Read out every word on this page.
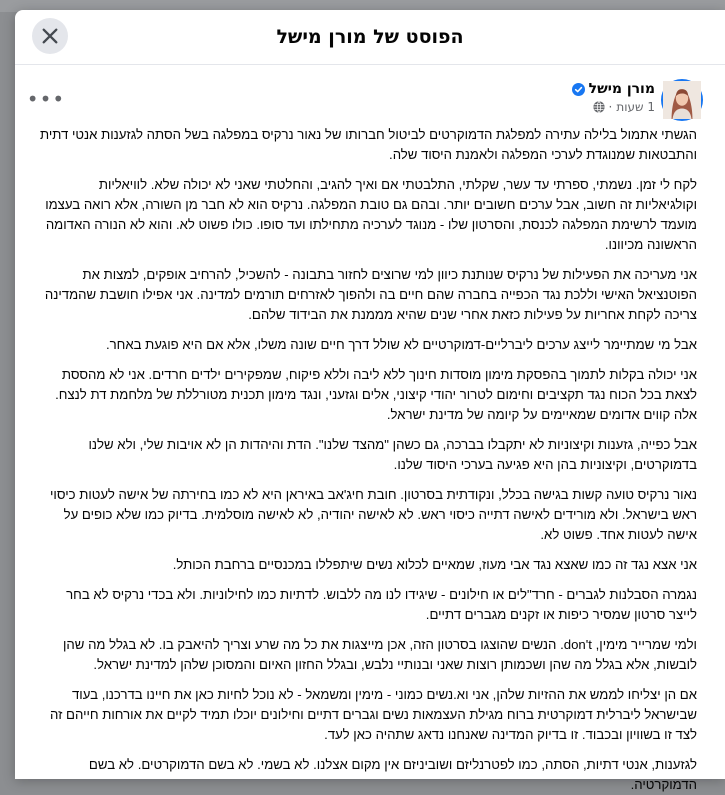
הפוסט של מורן מישל
מורן מישל
1 שעות
·
•••

הגשתי אתמול בלילה עתירה למפלגת הדמוקרטים לביטול חברותו של נאור נרקיס במפלגה בשל הסתה לגזענות אנטי דתית והתבטאות שמנוגדת לערכי המפלגה ולאמנת היסוד שלה.

לקח לי זמן. נשמתי, ספרתי עד עשר, שקלתי, התלבטתי אם ואיך להגיב, והחלטתי שאני לא יכולה שלא. לוויאליות וקולגיאליות זה חשוב, אבל ערכים חשובים יותר. ובהם גם טובת המפלגה. נרקיס הוא לא חבר מן השורה, אלא רואה בעצמו מועמד לרשימת המפלגה לכנסת, והסרטון שלו - מנוגד לערכיה מתחילתו ועד סופו. כולו פשוט לא. והוא לא הנורה האדומה הראשונה מכיוונו.

אני מעריכה את הפעילות של נרקיס שנותנת כיוון למי שרוצים לחזור בתבונה - להשכיל, להרחיב אופקים, למצות את הפוטנציאל האישי וללכת נגד הכפייה בחברה שהם חיים בה ולהפוך לאזרחים תורמים למדינה. אני אפילו חושבת שהמדינה צריכה לקחת אחריות על פעילות כזאת אחרי שנים שהיא מממנת את הבידוד שלהם.

אבל מי שמתיימר לייצג ערכים ליברליים-דמוקרטיים לא שולל דרך חיים שונה משלו, אלא אם היא פוגעת באחר.

אני יכולה בקלות לתמוך בהפסקת מימון מוסדות חינוך ללא ליבה וללא פיקוח, שמפקירים ילדים חרדים. אני לא מהססת לצאת בכל הכוח נגד תקציבים וחימום לטרור יהודי קיצוני, אלים וגזעני, ונגד מימון תכנית מטורללת של מלחמת דת לנצח. אלה קווים אדומים שמאיימים על קיומה של מדינת ישראל.

אבל כפייה, גזענות וקיצוניות לא יתקבלו בברכה, גם כשהן "מהצד שלנו". הדת והיהדות הן לא אויבות שלי, ולא שלנו בדמוקרטים, וקיצוניות בהן היא פגיעה בערכי היסוד שלנו.

נאור נרקיס טועה קשות בגישה בכלל, ונקודתית בסרטון. חובת חיג'אב באיראן היא לא כמו בחירתה של אישה לעטות כיסוי ראש בישראל. ולא מורידים לאישה דתייה כיסוי ראש. לא לאישה יהודיה, לא לאישה מוסלמית. בדיוק כמו שלא כופים על אישה לעטות אחד. פשוט לא.

אני אצא נגד זה כמו שאצא נגד אבי מעוז, שמאיים לכלוא נשים שיתפללו במכנסיים ברחבת הכותל.

נגמרה הסבלנות לגברים - חרד"לים או חילונים - שיגידו לנו מה ללבוש. לדתיות כמו לחילוניות. ולא בכדי נרקיס לא בחר לייצר סרטון שמסיר כיפות או זקנים מגברים דתיים.

ולמי שמרייר מימין, don't. הנשים שהוצגו בסרטון הזה, אכן מייצגות את כל מה שרע וצריך להיאבק בו. לא בגלל מה שהן לובשות, אלא בגלל מה שהן ושכמותן רוצות שאני ובנותיי נלבש, ובגלל החזון האיום והמסוכן שלהן למדינת ישראל.

אם הן יצליחו לממש את ההזיות שלהן, אני וא.נשים כמוני - מימין ומשמאל - לא נוכל לחיות כאן את חיינו בדרכנו, בעוד שבישראל ליברלית דמוקרטית ברוח מגילת העצמאות נשים וגברים דתיים וחילונים יוכלו תמיד לקיים את אורחות חייהם זה לצד זו בשוויון ובכבוד. זו בדיוק המדינה שאנחנו נדאג שתהיה כאן לעד.

לגזענות, אנטי דתיות, הסתה, כמו לפטרנליזם ושוביניזם אין מקום אצלנו. לא בשמי. לא בשם הדמוקרטים. לא בשם הדמוקרטיה.
